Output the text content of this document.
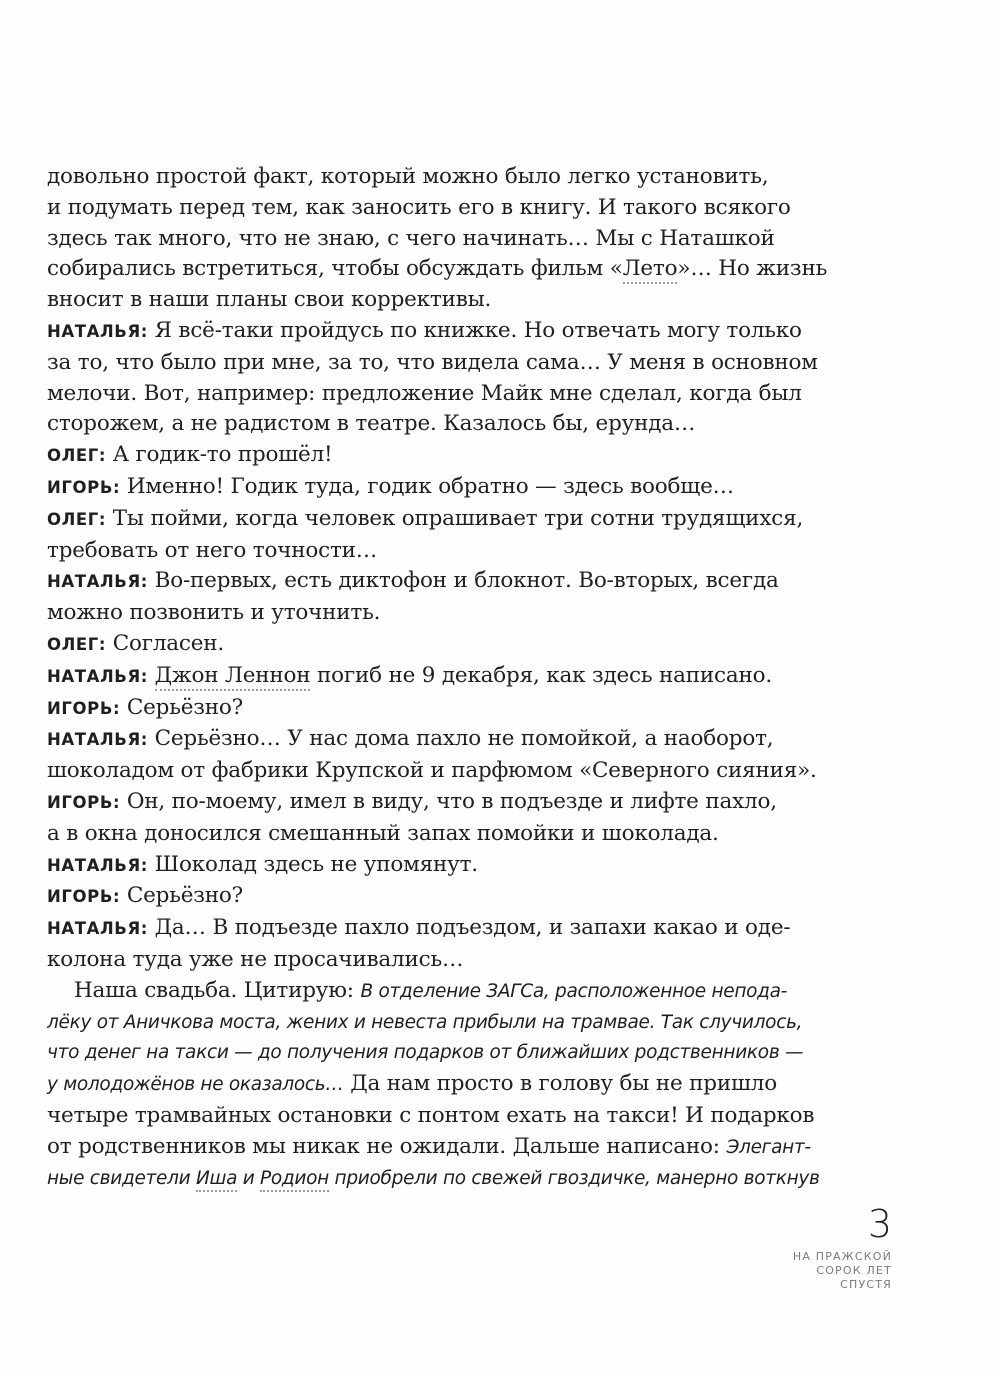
довольно простой факт, который можно было легко установить,
и подумать перед тем, как заносить его в книгу. И такого всякого
здесь так много, что не знаю, с чего начинать… Мы с Наташкой
собирались встретиться, чтобы обсуждать фильм «Лето»… Но жизнь
вносит в наши планы свои коррективы.
НАТАЛЬЯ: Я всё-таки пройдусь по книжке. Но отвечать могу только
за то, что было при мне, за то, что видела сама… У меня в основном
мелочи. Вот, например: предложение Майк мне сделал, когда был
сторожем, а не радистом в театре. Казалось бы, ерунда…
ОЛЕГ: А годик-то прошёл!
ИГОРЬ: Именно! Годик туда, годик обратно — здесь вообще…
ОЛЕГ: Ты пойми, когда человек опрашивает три сотни трудящихся,
требовать от него точности…
НАТАЛЬЯ: Во-первых, есть диктофон и блокнот. Во-вторых, всегда
можно позвонить и уточнить.
ОЛЕГ: Согласен.
НАТАЛЬЯ: Джон Леннон погиб не 9 декабря, как здесь написано.
ИГОРЬ: Серьёзно?
НАТАЛЬЯ: Серьёзно… У нас дома пахло не помойкой, а наоборот,
шоколадом от фабрики Крупской и парфюмом «Северного сияния».
ИГОРЬ: Он, по-моему, имел в виду, что в подъезде и лифте пахло,
а в окна доносился смешанный запах помойки и шоколада.
НАТАЛЬЯ: Шоколад здесь не упомянут.
ИГОРЬ: Серьёзно?
НАТАЛЬЯ: Да… В подъезде пахло подъездом, и запахи какао и оде-
колона туда уже не просачивались…
Наша свадьба. Цитирую: В отделение ЗАГСа, расположенное непода-
лёку от Аничкова моста, жених и невеста прибыли на трамвае. Так случилось,
что денег на такси — до получения подарков от ближайших родственников —
у молодожёнов не оказалось… Да нам просто в голову бы не пришло
четыре трамвайных остановки с понтом ехать на такси! И подарков
от родственников мы никак не ожидали. Дальше написано: Элегант-
ные свидетели Иша и Родион приобрели по свежей гвоздичке, манерно воткнув
3
НА ПРАЖСКОЙ
СОРОК ЛЕТ
СПУСТЯ
